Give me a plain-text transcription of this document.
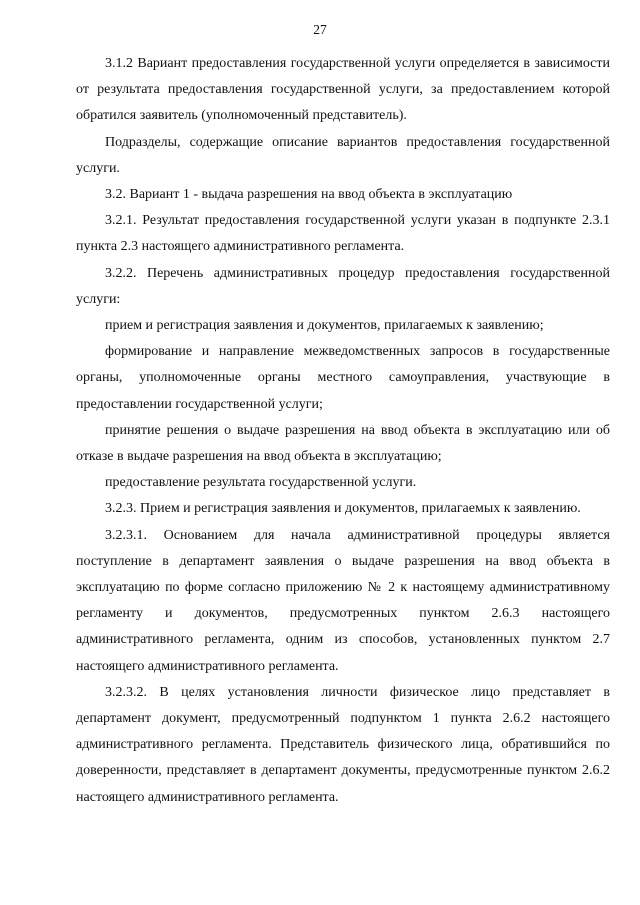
27

3.1.2 Вариант предоставления государственной услуги определяется в зависимости от результата предоставления государственной услуги, за предоставлением которой обратился заявитель (уполномоченный представитель).

Подразделы, содержащие описание вариантов предоставления государственной услуги.

3.2. Вариант 1 - выдача разрешения на ввод объекта в эксплуатацию

3.2.1. Результат предоставления государственной услуги указан в подпункте 2.3.1 пункта 2.3 настоящего административного регламента.

3.2.2. Перечень административных процедур предоставления государственной услуги:

прием и регистрация заявления и документов, прилагаемых к заявлению;

формирование и направление межведомственных запросов в государственные органы, уполномоченные органы местного самоуправления, участвующие в предоставлении государственной услуги;

принятие решения о выдаче разрешения на ввод объекта в эксплуатацию или об отказе в выдаче разрешения на ввод объекта в эксплуатацию;

предоставление результата государственной услуги.

3.2.3. Прием и регистрация заявления и документов, прилагаемых к заявлению.

3.2.3.1. Основанием для начала административной процедуры является поступление в департамент заявления о выдаче разрешения на ввод объекта в эксплуатацию по форме согласно приложению № 2 к настоящему административному регламенту и документов, предусмотренных пунктом 2.6.3 настоящего административного регламента, одним из способов, установленных пунктом 2.7 настоящего административного регламента.

3.2.3.2. В целях установления личности физическое лицо представляет в департамент документ, предусмотренный подпунктом 1 пункта 2.6.2 настоящего административного регламента. Представитель физического лица, обратившийся по доверенности, представляет в департамент документы, предусмотренные пунктом 2.6.2 настоящего административного регламента.
